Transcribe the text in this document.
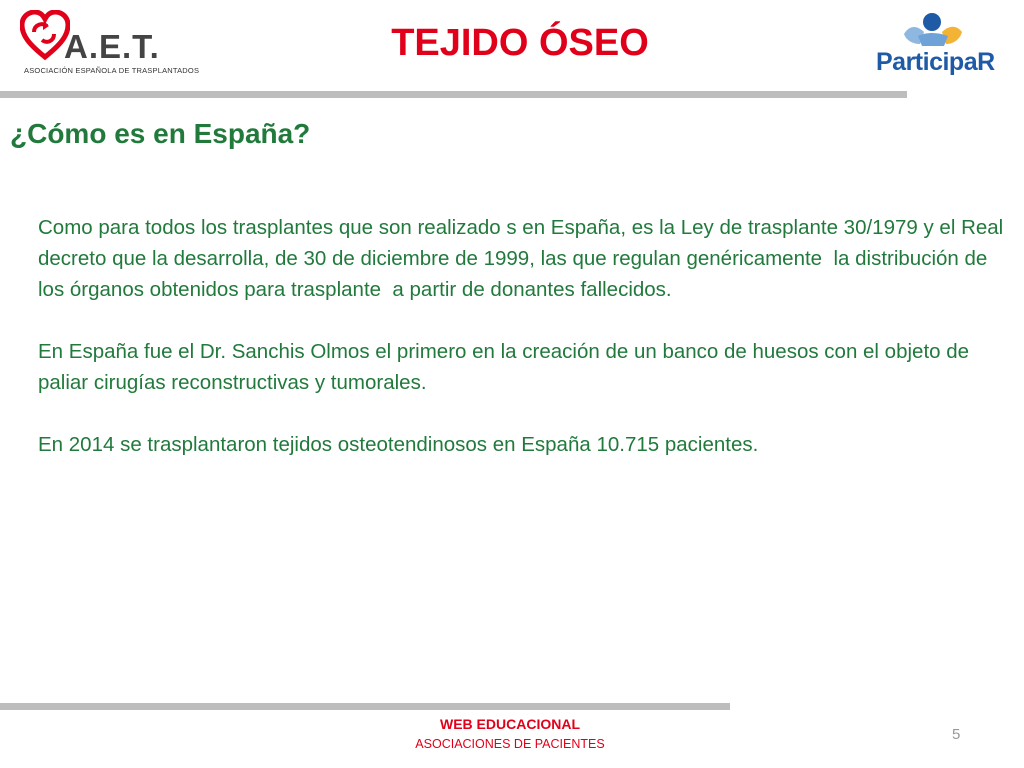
A.E.T.
ASOCIACIÓN ESPAÑOLA DE TRASPLANTADOS
TEJIDO ÓSEO	ParticipaR
¿Cómo es en España?

Como para todos los trasplantes que son realizado s en España, es la Ley de trasplante 30/1979 y el Real decreto que la desarrolla, de 30 de diciembre de 1999, las que regulan genéricamente  la distribución de los órganos obtenidos para trasplante  a partir de donantes fallecidos.

En España fue el Dr. Sanchis Olmos el primero en la creación de un banco de huesos con el objeto de paliar cirugías reconstructivas y tumorales.

En 2014 se trasplantaron tejidos osteotendinosos en España 10.715 pacientes.

WEB EDUCACIONAL
ASOCIACIONES DE PACIENTES
5
